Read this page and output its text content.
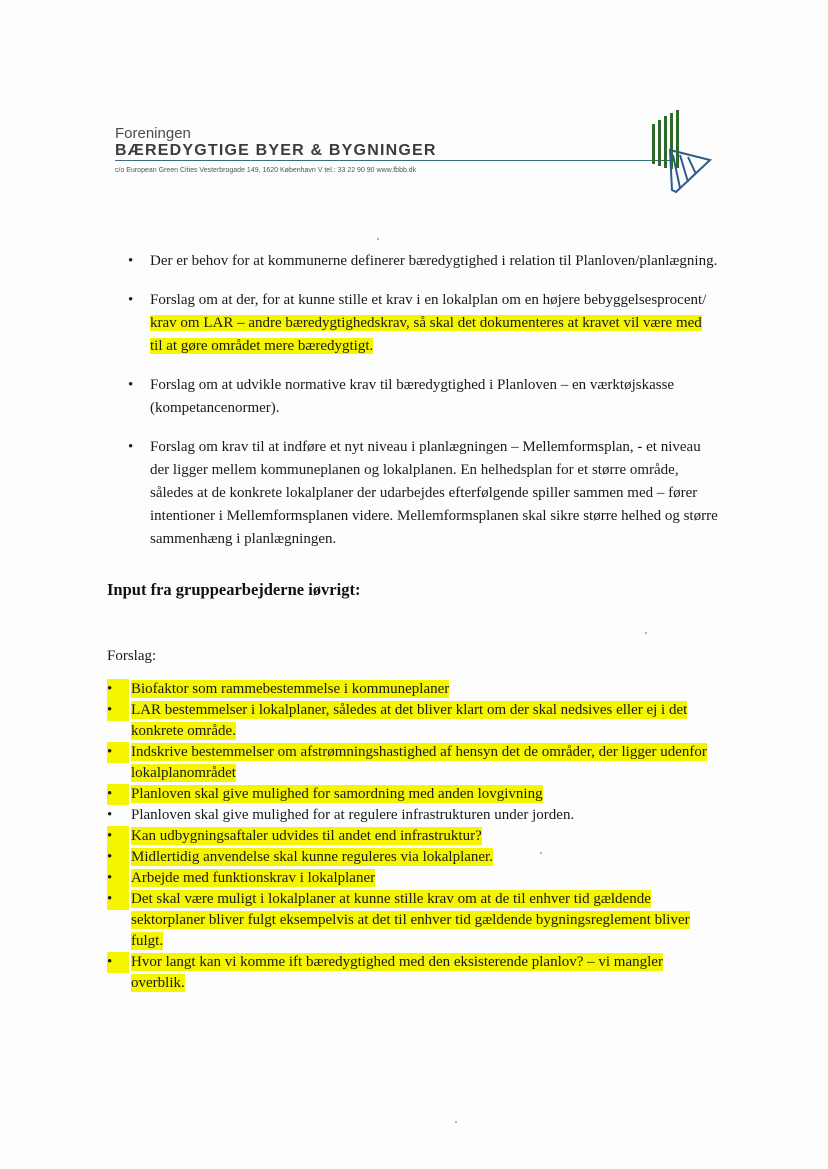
Foreningen
BÆREDYGTIGE BYER & BYGNINGER
c/o European Green Cities Vesterbrogade 149, 1620 København V tel.: 33 22 90 90 www.fbbb.dk
• Der er behov for at kommunerne definerer bæredygtighed i relation til Planloven/planlægning.
• Forslag om at der, for at kunne stille et krav i en lokalplan om en højere bebyggelsesprocent/ krav om LAR – andre bæredygtighedskrav, så skal det dokumenteres at kravet vil være med til at gøre området mere bæredygtigt.
• Forslag om at udvikle normative krav til bæredygtighed i Planloven – en værktøjskasse (kompetancenormer).
• Forslag om krav til at indføre et nyt niveau i planlægningen – Mellemformsplan, - et niveau der ligger mellem kommuneplanen og lokalplanen. En helhedsplan for et større område, således at de konkrete lokalplaner der udarbejdes efterfølgende spiller sammen med – fører intentioner i Mellemformsplanen videre. Mellemformsplanen skal sikre større helhed og større sammenhæng i planlægningen.
Input fra gruppearbejderne iøvrigt:
Forslag:
•	Biofaktor som rammebestemmelse i kommuneplaner
•	LAR bestemmelser i lokalplaner, således at det bliver klart om der skal nedsives eller ej i det konkrete område.
•	Indskrive bestemmelser om afstrømningshastighed af hensyn det de områder, der ligger udenfor lokalplanområdet
•	Planloven skal give mulighed for samordning med anden lovgivning
•	Planloven skal give mulighed for at regulere infrastrukturen under jorden.
•	Kan udbygningsaftaler udvides til andet end infrastruktur?
•	Midlertidig anvendelse skal kunne reguleres via lokalplaner.
•	Arbejde med funktionskrav i lokalplaner
•	Det skal være muligt i lokalplaner at kunne stille krav om at de til enhver tid gældende sektorplaner bliver fulgt eksempelvis at det til enhver tid gældende bygningsreglement bliver fulgt.
•	Hvor langt kan vi komme ift bæredygtighed med den eksisterende planlov? – vi mangler overblik.
